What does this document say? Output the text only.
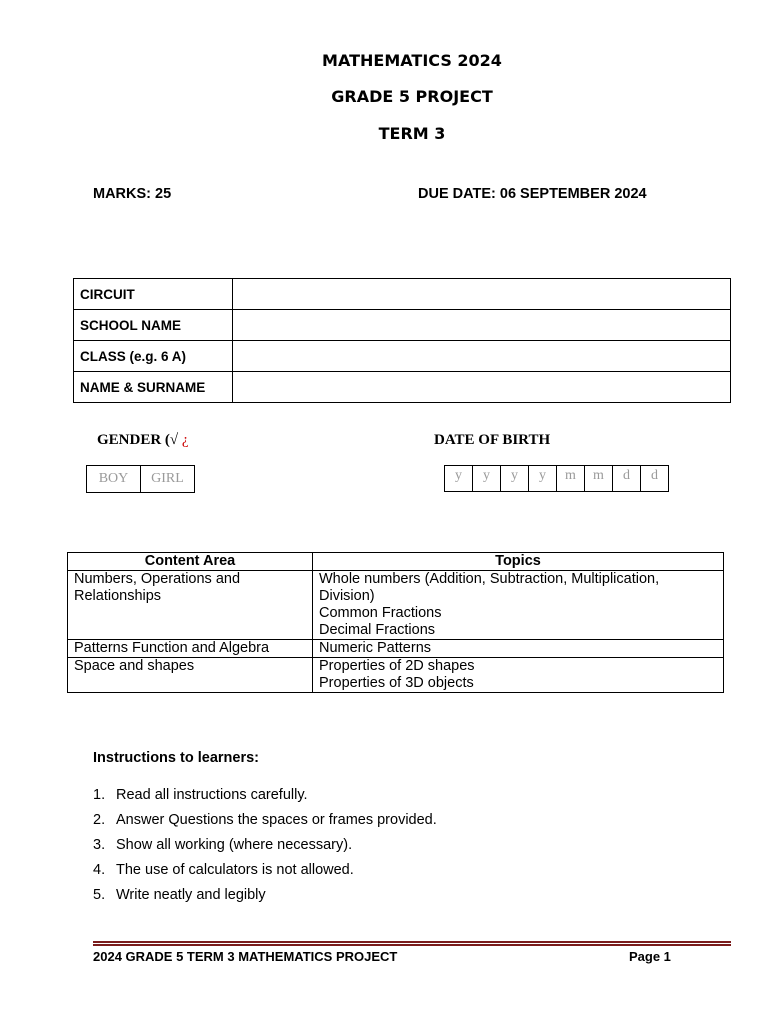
MATHEMATICS 2024
GRADE 5 PROJECT
TERM 3
MARKS: 25	DUE DATE: 06 SEPTEMBER 2024
CIRCUIT	
SCHOOL NAME	
CLASS (e.g. 6 A)	
NAME & SURNAME	
GENDER (√ ¿
BOY	GIRL
DATE OF BIRTH
y	y	y	y	m	m	d	d
Content Area	Topics
Numbers, Operations and Relationships	Whole numbers (Addition, Subtraction, Multiplication, Division)
Common Fractions
Decimal Fractions

Patterns Function and Algebra	Numeric Patterns

Space and shapes	Properties of 2D shapes
Properties of 3D objects
Instructions to learners:
1. Read all instructions carefully.
2. Answer Questions the spaces or frames provided.
3. Show all working (where necessary).
4. The use of calculators is not allowed.
5. Write neatly and legibly
2024 GRADE 5 TERM 3 MATHEMATICS PROJECT	Page 1
